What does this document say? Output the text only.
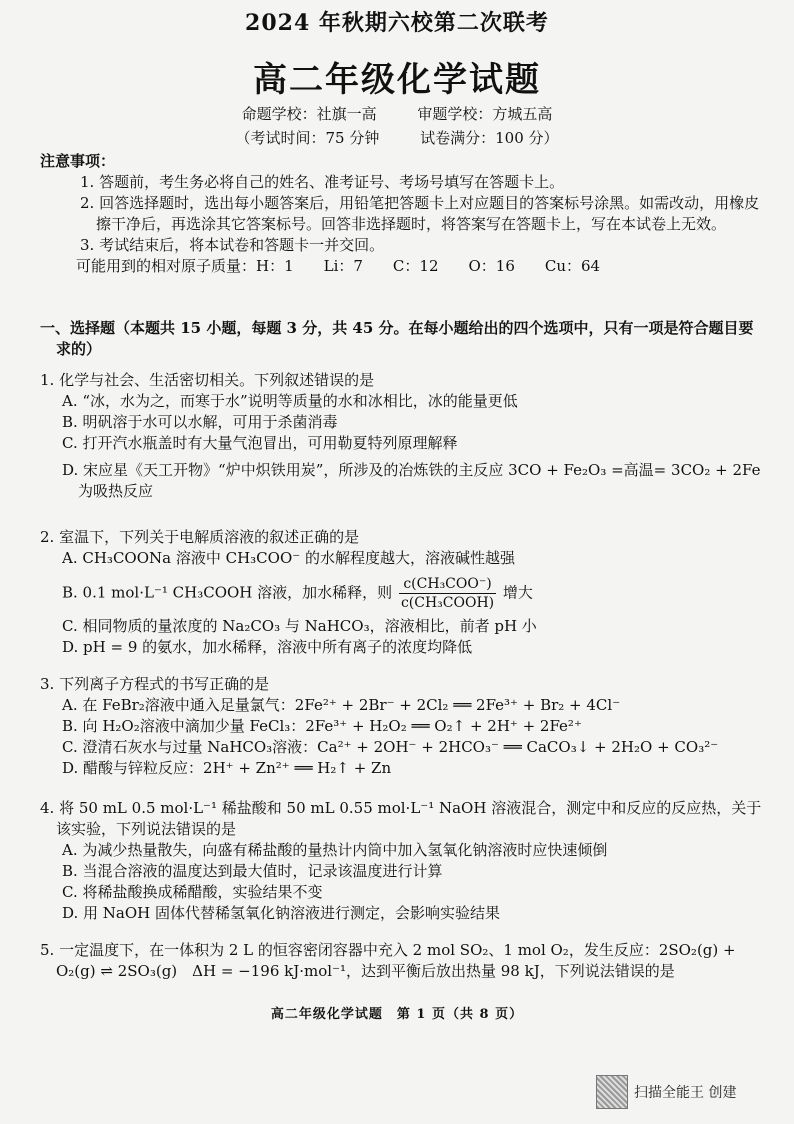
2024 年秋期六校第二次联考
高二年级化学试题
命题学校：社旗一高	审题学校：方城五高
（考试时间：75 分钟	试卷满分：100 分）
注意事项：
1. 答题前，考生务必将自己的姓名、准考证号、考场号填写在答题卡上。
2. 回答选择题时，选出每小题答案后，用铅笔把答题卡上对应题目的答案标号涂黑。如需改动，用橡皮擦干净后，再选涂其它答案标号。回答非选择题时，将答案写在答题卡上，写在本试卷上无效。
3. 考试结束后，将本试卷和答题卡一并交回。
可能用到的相对原子质量：H：1　　Li：7　　C：12　　O：16　　Cu：64
一、选择题（本题共 15 小题，每题 3 分，共 45 分。在每小题给出的四个选项中，只有一项是符合题目要求的）
1. 化学与社会、生活密切相关。下列叙述错误的是
A. “冰，水为之，而寒于水”说明等质量的水和冰相比，冰的能量更低
B. 明矾溶于水可以水解，可用于杀菌消毒
C. 打开汽水瓶盖时有大量气泡冒出，可用勒夏特列原理解释
D. 宋应星《天工开物》“炉中炽铁用炭”，所涉及的冶炼铁的主反应 3CO + Fe₂O₃ =高温= 3CO₂ + 2Fe 为吸热反应
2. 室温下，下列关于电解质溶液的叙述正确的是
A. CH₃COONa 溶液中 CH₃COO⁻ 的水解程度越大，溶液碱性越强
B. 0.1 mol·L⁻¹ CH₃COOH 溶液，加水稀释，则 $\frac{\text{c(CH₃COO⁻)}}{\text{c(CH₃COOH)}}$ 增大
C. 相同物质的量浓度的 Na₂CO₃ 与 NaHCO₃，溶液相比，前者 pH 小
D. pH = 9 的氨水，加水稀释，溶液中所有离子的浓度均降低
3. 下列离子方程式的书写正确的是
A. 在 FeBr₂溶液中通入足量氯气：2Fe²⁺ + 2Br⁻ + 2Cl₂ ══ 2Fe³⁺ + Br₂ + 4Cl⁻
B. 向 H₂O₂溶液中滴加少量 FeCl₃：2Fe³⁺ + H₂O₂ ══ O₂↑ + 2H⁺ + 2Fe²⁺
C. 澄清石灰水与过量 NaHCO₃溶液：Ca²⁺ + 2OH⁻ + 2HCO₃⁻ ══ CaCO₃↓ + 2H₂O + CO₃²⁻
D. 醋酸与锌粒反应：2H⁺ + Zn²⁺ ══ H₂↑ + Zn
4. 将 50 mL 0.5 mol·L⁻¹ 稀盐酸和 50 mL 0.55 mol·L⁻¹ NaOH 溶液混合，测定中和反应的反应热，关于该实验，下列说法错误的是
A. 为减少热量散失，向盛有稀盐酸的量热计内筒中加入氢氧化钠溶液时应快速倾倒
B. 当混合溶液的温度达到最大值时，记录该温度进行计算
C. 将稀盐酸换成稀醋酸，实验结果不变
D. 用 NaOH 固体代替稀氢氧化钠溶液进行测定，会影响实验结果
5. 一定温度下，在一体积为 2 L 的恒容密闭容器中充入 2 mol SO₂、1 mol O₂，发生反应：2SO₂(g) + O₂(g) ⇌ 2SO₃(g)　ΔH = −196 kJ·mol⁻¹，达到平衡后放出热量 98 kJ，下列说法错误的是
高二年级化学试题　第 1 页（共 8 页）
扫描全能王 创建
